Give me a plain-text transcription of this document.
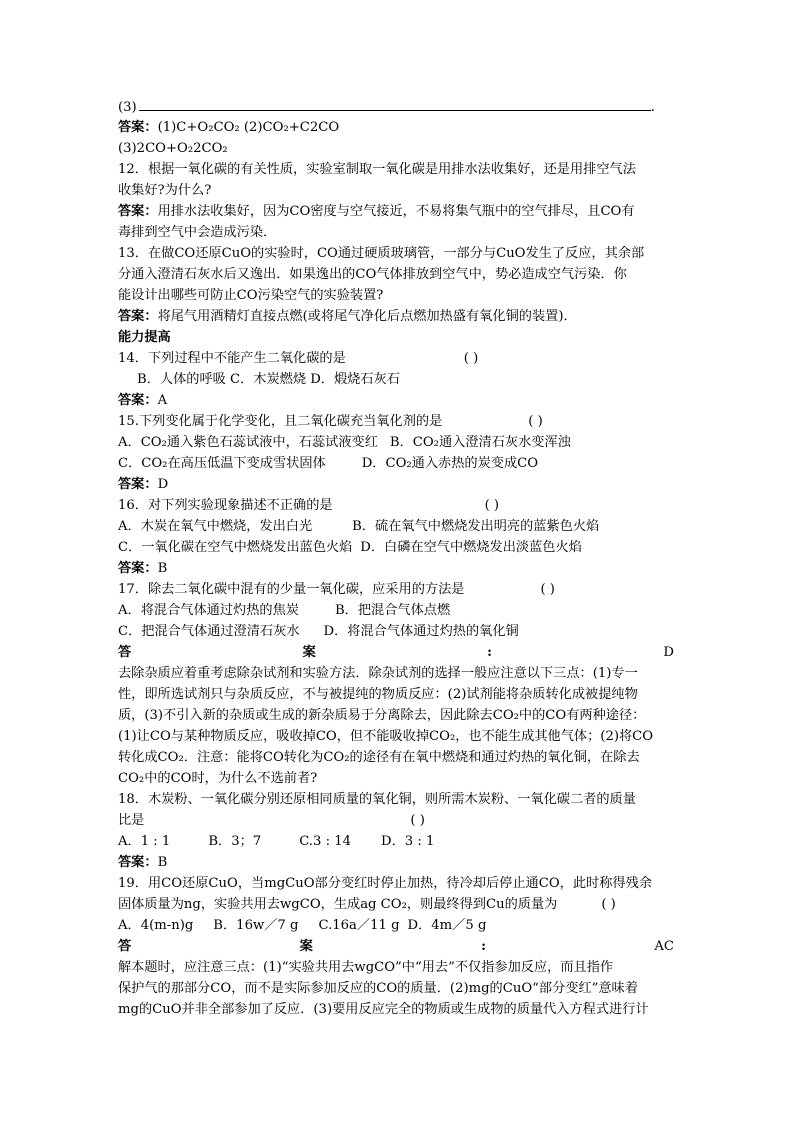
(3)	.
答案：(1)C+O₂CO₂ (2)CO₂+C2CO
(3)2CO+O₂2CO₂
12．根据一氧化碳的有关性质，实验室制取一氧化碳是用排水法收集好，还是用排空气法
收集好?为什么?
答案：用排水法收集好，因为CO密度与空气接近，不易将集气瓶中的空气排尽，且CO有
毒排到空气中会造成污染．
13．在做CO还原CuO的实验时，CO通过硬质玻璃管，一部分与CuO发生了反应，其余部
分通入澄清石灰水后又逸出．如果逸出的CO气体排放到空气中，势必造成空气污染．你
能设计出哪些可防止CO污染空气的实验装置?
答案：将尾气用酒精灯直接点燃(或将尾气净化后点燃加热盛有氧化铜的装置)．
能力提高
14．下列过程中不能产生二氧化碳的是	( )
B．人体的呼吸 C．木炭燃烧 D．煅烧石灰石
答案：A
15.下列变化属于化学变化，且二氧化碳充当氧化剂的是	( )
A．CO₂通入紫色石蕊试液中，石蕊试液变红 B．CO₂通入澄清石灰水变浑浊
C．CO₂在高压低温下变成雪状固体	D．CO₂通入赤热的炭变成CO
答案：D
16．对下列实验现象描述不正确的是	( )
A．木炭在氧气中燃烧，发出白光	B．硫在氧气中燃烧发出明亮的蓝紫色火焰
C．一氧化碳在空气中燃烧发出蓝色火焰 D．白磷在空气中燃烧发出淡蓝色火焰
答案：B
17．除去二氧化碳中混有的少量一氧化碳，应采用的方法是	( )
A．将混合气体通过灼热的焦炭	B．把混合气体点燃
C．把混合气体通过澄清石灰水 D．将混合气体通过灼热的氧化铜
答	案	:	D
去除杂质应着重考虑除杂试剂和实验方法．除杂试剂的选择一般应注意以下三点：(1)专一
性，即所选试剂只与杂质反应，不与被提纯的物质反应：(2)试剂能将杂质转化成被提纯物
质，(3)不引入新的杂质或生成的新杂质易于分离除去，因此除去CO₂中的CO有两种途径：
(1)让CO与某种物质反应，吸收掉CO，但不能吸收掉CO₂，也不能生成其他气体；(2)将CO
转化成CO₂．注意：能将CO转化为CO₂的途径有在氧中燃烧和通过灼热的氧化铜，在除去
CO₂中的CO时，为什么不选前者?
18．木炭粉、一氧化碳分别还原相同质量的氧化铜，则所需木炭粉、一氧化碳二者的质量
比是	( )
A．1 : 1	B．3；7	C.3 : 14 D．3 : 1
答案：B
19．用CO还原CuO，当mgCuO部分变红时停止加热，待冷却后停止通CO，此时称得残余
固体质量为ng，实验共用去wgCO，生成ag CO₂，则最终得到Cu的质量为	( )
A．4(m-n)g B．16w／7 g C.16a／11 g D．4m／5 g
答	案	:	AC
解本题时，应注意三点：(1)“实验共用去wgCO”中“用去”不仅指参加反应，而且指作
保护气的那部分CO，而不是实际参加反应的CO的质量．(2)mg的CuO“部分变红”意味着
mg的CuO并非全部参加了反应．(3)要用反应完全的物质或生成物的质量代入方程式进行计
